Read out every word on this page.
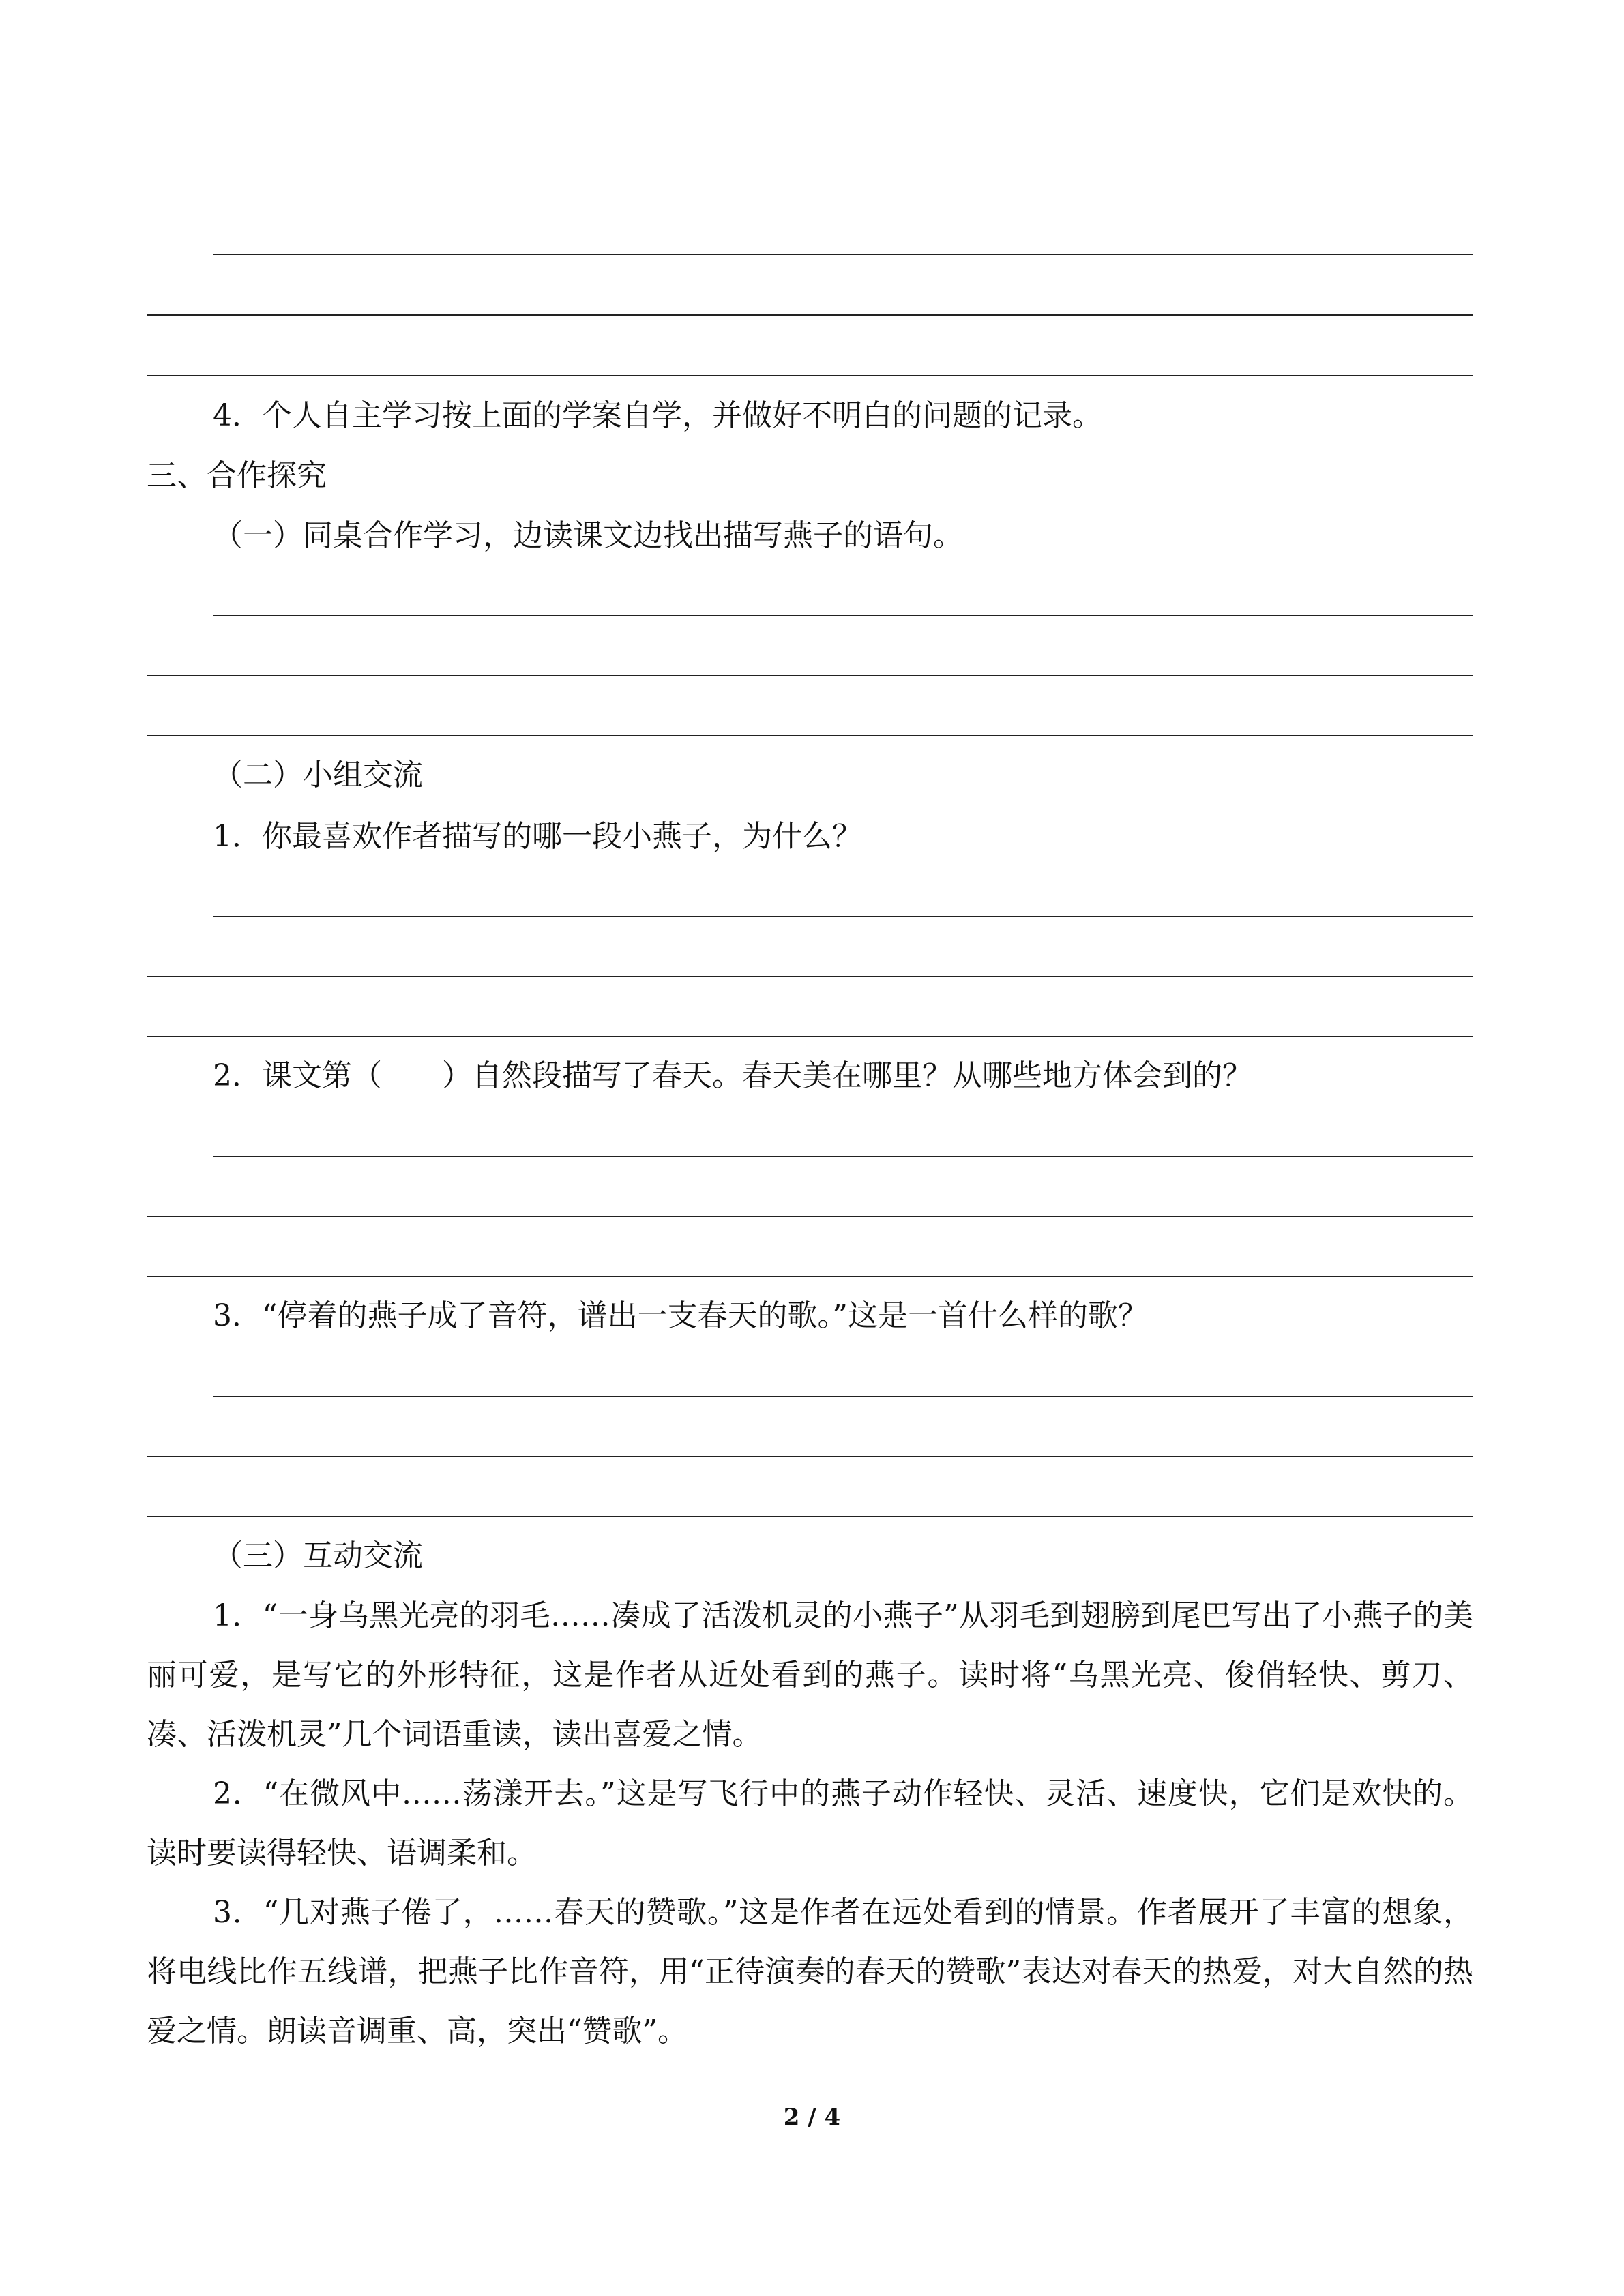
4．个人自主学习按上面的学案自学，并做好不明白的问题的记录。
三、合作探究
（一）同桌合作学习，边读课文边找出描写燕子的语句。
（二）小组交流
1．你最喜欢作者描写的哪一段小燕子，为什么？
2．课文第（　　）自然段描写了春天。春天美在哪里？从哪些地方体会到的？
3．“停着的燕子成了音符，谱出一支春天的歌。”这是一首什么样的歌？
（三）互动交流
1．“一身乌黑光亮的羽毛……凑成了活泼机灵的小燕子”从羽毛到翅膀到尾巴写出了小燕子的美丽可爱，是写它的外形特征，这是作者从近处看到的燕子。读时将“乌黑光亮、俊俏轻快、剪刀、凑、活泼机灵”几个词语重读，读出喜爱之情。
2．“在微风中……荡漾开去。”这是写飞行中的燕子动作轻快、灵活、速度快，它们是欢快的。读时要读得轻快、语调柔和。
3．“几对燕子倦了，……春天的赞歌。”这是作者在远处看到的情景。作者展开了丰富的想象，将电线比作五线谱，把燕子比作音符，用“正待演奏的春天的赞歌”表达对春天的热爱，对大自然的热爱之情。朗读音调重、高，突出“赞歌”。
2 / 4
